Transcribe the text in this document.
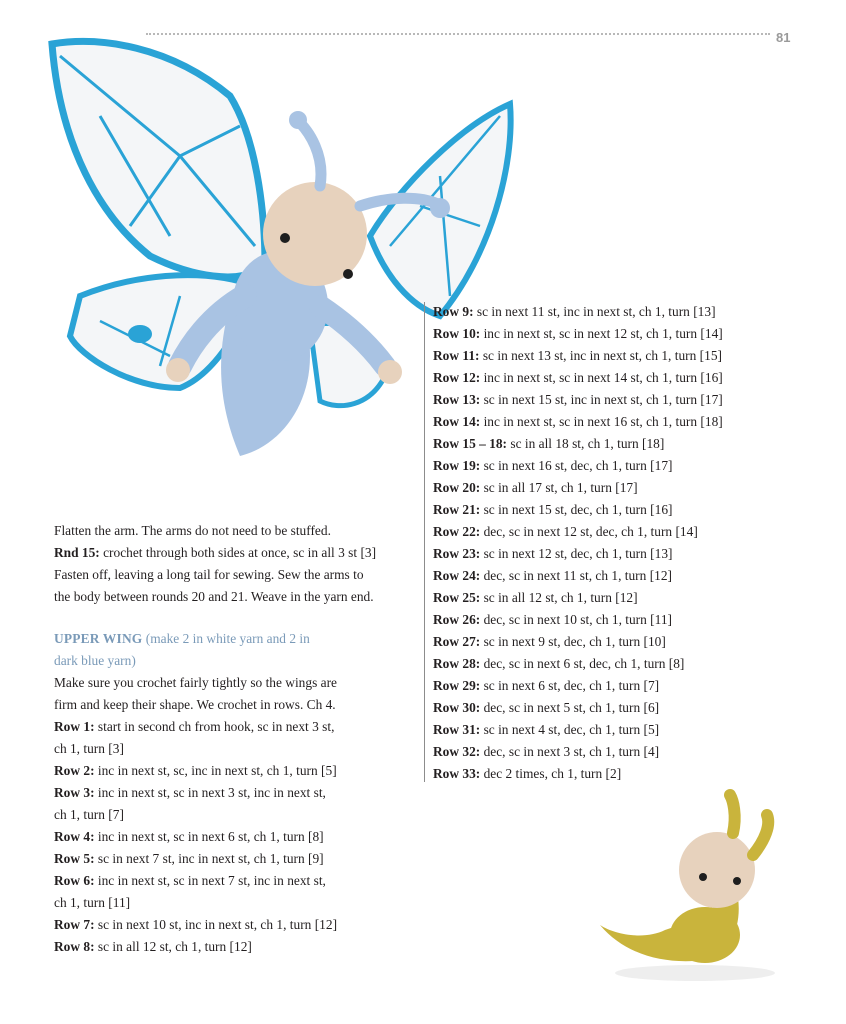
81
Flatten the arm. The arms do not need to be stuffed.
Rnd 15: crochet through both sides at once, sc in all 3 st [3]
Fasten off, leaving a long tail for sewing. Sew the arms to
the body between rounds 20 and 21. Weave in the yarn end.
UPPER WING (make 2 in white yarn and 2 in
dark blue yarn)
Make sure you crochet fairly tightly so the wings are
firm and keep their shape. We crochet in rows. Ch 4.
Row 1: start in second ch from hook, sc in next 3 st,
ch 1, turn [3]
Row 2: inc in next st, sc, inc in next st, ch 1, turn [5]
Row 3: inc in next st, sc in next 3 st, inc in next st,
ch 1, turn [7]
Row 4: inc in next st, sc in next 6 st, ch 1, turn [8]
Row 5: sc in next 7 st, inc in next st, ch 1, turn [9]
Row 6: inc in next st, sc in next 7 st, inc in next st,
ch 1, turn [11]
Row 7: sc in next 10 st, inc in next st, ch 1, turn [12]
Row 8: sc in all 12 st, ch 1, turn [12]
Row 9: sc in next 11 st, inc in next st, ch 1, turn [13]
Row 10: inc in next st, sc in next 12 st, ch 1, turn [14]
Row 11: sc in next 13 st, inc in next st, ch 1, turn [15]
Row 12: inc in next st, sc in next 14 st, ch 1, turn [16]
Row 13: sc in next 15 st, inc in next st, ch 1, turn [17]
Row 14: inc in next st, sc in next 16 st, ch 1, turn [18]
Row 15 – 18: sc in all 18 st, ch 1, turn [18]
Row 19: sc in next 16 st, dec, ch 1, turn [17]
Row 20: sc in all 17 st, ch 1, turn [17]
Row 21: sc in next 15 st, dec, ch 1, turn [16]
Row 22: dec, sc in next 12 st, dec, ch 1, turn [14]
Row 23: sc in next 12 st, dec, ch 1, turn [13]
Row 24: dec, sc in next 11 st, ch 1, turn [12]
Row 25: sc in all 12 st, ch 1, turn [12]
Row 26: dec, sc in next 10 st, ch 1, turn [11]
Row 27: sc in next 9 st, dec, ch 1, turn [10]
Row 28: dec, sc in next 6 st, dec, ch 1, turn [8]
Row 29: sc in next 6 st, dec, ch 1, turn [7]
Row 30: dec, sc in next 5 st, ch 1, turn [6]
Row 31: sc in next 4 st, dec, ch 1, turn [5]
Row 32: dec, sc in next 3 st, ch 1, turn [4]
Row 33: dec 2 times, ch 1, turn [2]
